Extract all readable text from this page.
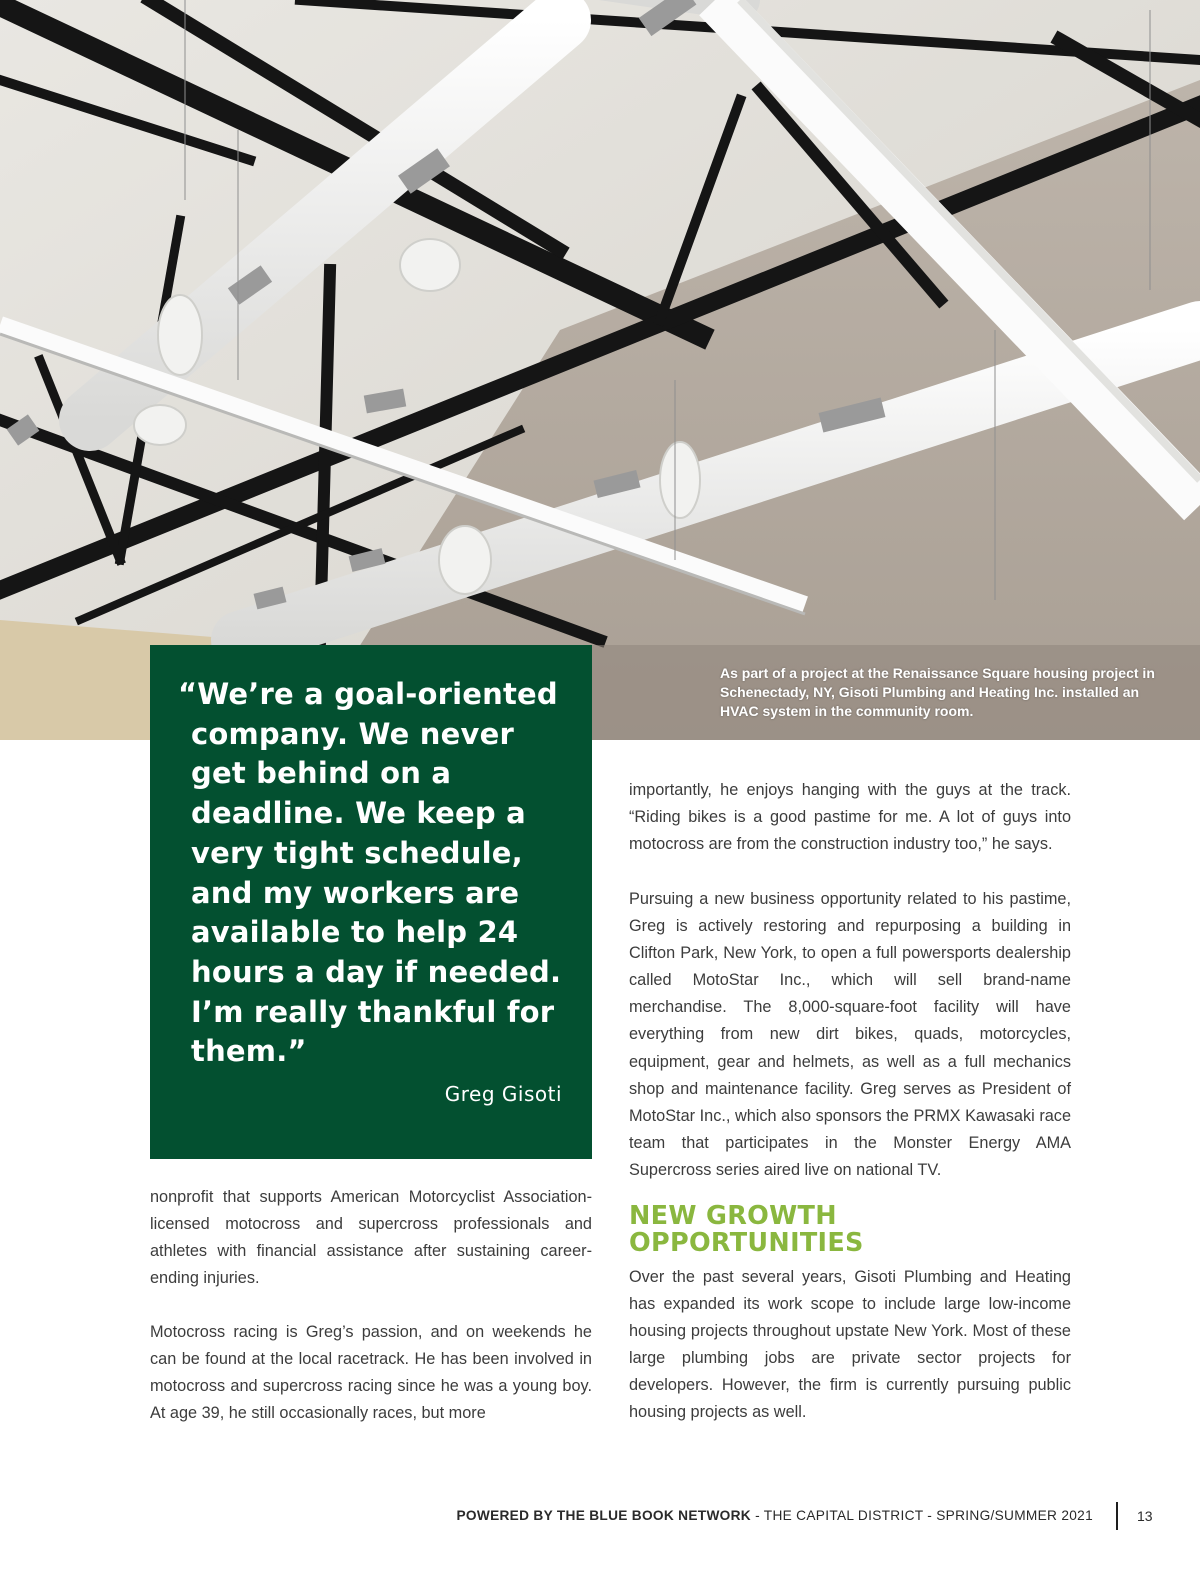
As part of a project at the Renaissance Square housing project in Schenectady, NY, Gisoti Plumbing and Heating Inc. installed an HVAC system in the community room.

“We’re a goal-oriented company. We never get behind on a deadline. We keep a very tight schedule, and my workers are available to help 24 hours a day if needed. I’m really thankful for them.”

Greg Gisoti

nonprofit that supports American Motorcyclist Association-licensed motocross and supercross professionals and athletes with financial assistance after sustaining career-ending injuries.

Motocross racing is Greg’s passion, and on weekends he can be found at the local racetrack. He has been involved in motocross and supercross racing since he was a young boy. At age 39, he still occasionally races, but more

importantly, he enjoys hanging with the guys at the track. “Riding bikes is a good pastime for me. A lot of guys into motocross are from the construction industry too,” he says.

Pursuing a new business opportunity related to his pastime, Greg is actively restoring and repurposing a building in Clifton Park, New York, to open a full powersports dealership called MotoStar Inc., which will sell brand-name merchandise. The 8,000-square-foot facility will have everything from new dirt bikes, quads, motorcycles, equipment, gear and helmets, as well as a full mechanics shop and maintenance facility. Greg serves as President of MotoStar Inc., which also sponsors the PRMX Kawasaki race team that participates in the Monster Energy AMA Supercross series aired live on national TV.

NEW GROWTH OPPORTUNITIES

Over the past several years, Gisoti Plumbing and Heating has expanded its work scope to include large low-income housing projects throughout upstate New York. Most of these large plumbing jobs are private sector projects for developers. However, the firm is currently pursuing public housing projects as well.

POWERED BY THE BLUE BOOK NETWORK - THE CAPITAL DISTRICT - SPRING/SUMMER 2021	13
